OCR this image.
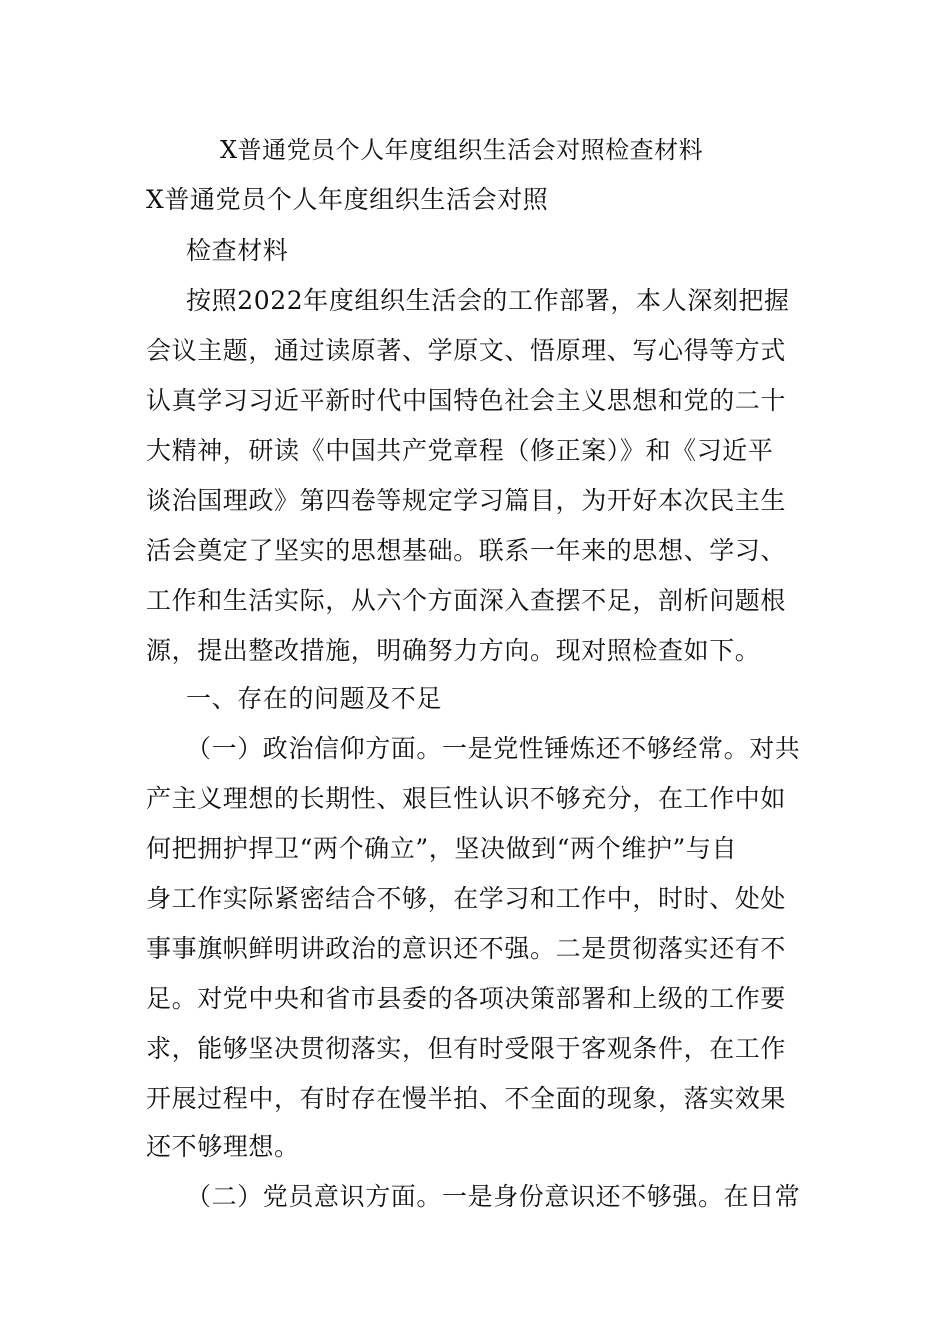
X普通党员个人年度组织生活会对照检查材料
X普通党员个人年度组织生活会对照
检查材料
按照2022年度组织生活会的工作部署，本人深刻把握
会议主题，通过读原著、学原文、悟原理、写心得等方式
认真学习习近平新时代中国特色社会主义思想和党的二十
大精神，研读《中国共产党章程（修正案）》和《习近平
谈治国理政》第四卷等规定学习篇目，为开好本次民主生
活会奠定了坚实的思想基础。联系一年来的思想、学习、
工作和生活实际，从六个方面深入查摆不足，剖析问题根
源，提出整改措施，明确努力方向。现对照检查如下。
一、存在的问题及不足
（一）政治信仰方面。一是党性锤炼还不够经常。对共
产主义理想的长期性、艰巨性认识不够充分，在工作中如
何把拥护捍卫“两个确立”，坚决做到“两个维护”与自
身工作实际紧密结合不够，在学习和工作中，时时、处处
事事旗帜鲜明讲政治的意识还不强。二是贯彻落实还有不
足。对党中央和省市县委的各项决策部署和上级的工作要
求，能够坚决贯彻落实，但有时受限于客观条件，在工作
开展过程中，有时存在慢半拍、不全面的现象，落实效果
还不够理想。
（二）党员意识方面。一是身份意识还不够强。在日常
